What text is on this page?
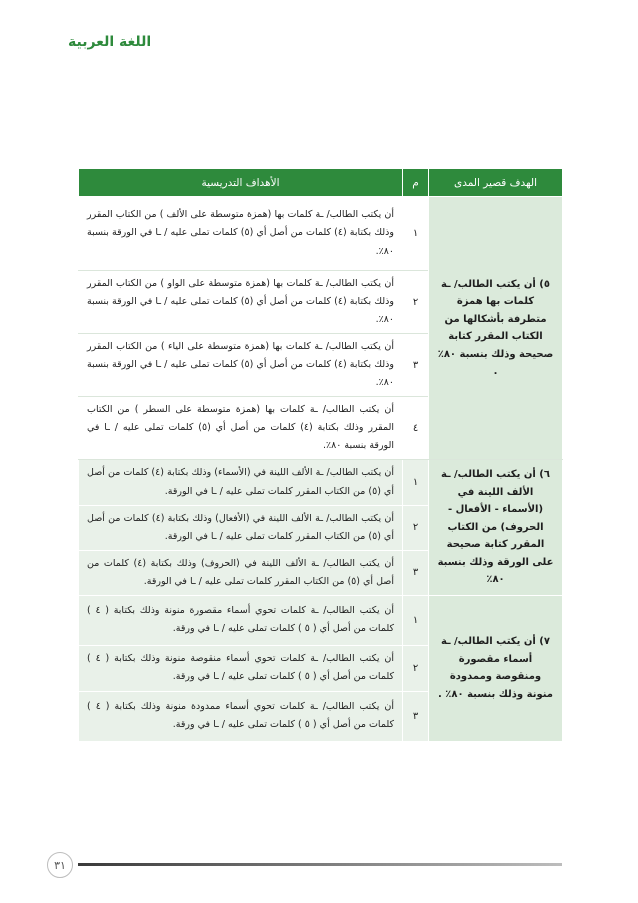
اللغة العربية
الهدف قصير المدى	م	الأهداف التدريسية
٥) أن يكتب الطالب/ ـة كلمات بها همزة متطرفة بأشكالها من الكتاب المقرر كتابة صحيحة وذلك بنسبة ٨٠٪ .	١	أن يكتب الطالب/ ـة كلمات بها (همزة متوسطة على الألف ) من الكتاب المقرر وذلك بكتابة (٤) كلمات من أصل أي (٥) كلمات تملى عليه / ـا في الورقة بنسبة ٨٠٪.
	٢	أن يكتب الطالب/ ـة كلمات بها (همزة متوسطة على الواو ) من الكتاب المقرر وذلك بكتابة (٤) كلمات من أصل أي (٥) كلمات تملى عليه / ـا في الورقة بنسبة ٨٠٪.
	٣	أن يكتب الطالب/ ـة كلمات بها (همزة متوسطة على الياء ) من الكتاب المقرر وذلك بكتابة (٤) كلمات من أصل أي (٥) كلمات تملى عليه / ـا في الورقة بنسبة ٨٠٪.
	٤	أن يكتب الطالب/ ـة كلمات بها (همزة متوسطة على السطر ) من الكتاب المقرر وذلك بكتابة (٤) كلمات من أصل أي (٥) كلمات تملى عليه / ـا في الورقة بنسبة ٨٠٪.
٦) أن يكتب الطالب/ ـة الألف اللينة في (الأسماء - الأفعال - الحروف) من الكتاب المقرر كتابة صحيحة على الورقة وذلك بنسبة ٨٠٪	١	أن يكتب الطالب/ ـة الألف اللينة في (الأسماء) وذلك بكتابة (٤) كلمات من أصل أي (٥) من الكتاب المقرر كلمات تملى عليه / ـا في الورقة.
	٢	أن يكتب الطالب/ ـة الألف اللينة في (الأفعال) وذلك بكتابة (٤) كلمات من أصل أي (٥) من الكتاب المقرر كلمات تملى عليه / ـا في الورقة.
	٣	أن يكتب الطالب/ ـة الألف اللينة في (الحروف) وذلك بكتابة (٤) كلمات من أصل أي (٥) من الكتاب المقرر كلمات تملى عليه / ـا في الورقة.
٧) أن يكتب الطالب/ ـة أسماء مقصورة ومنقوصة وممدودة منونة وذلك بنسبة ٨٠٪ .	١	أن يكتب الطالب/ ـة كلمات تحوي أسماء مقصورة منونة وذلك بكتابة ( ٤ ) كلمات من أصل أي ( ٥ ) كلمات تملى عليه / ـا في ورقة.
	٢	أن يكتب الطالب/ ـة كلمات تحوي أسماء منقوصة منونة وذلك بكتابة ( ٤ ) كلمات من أصل أي ( ٥ ) كلمات تملى عليه / ـا في ورقة.
	٣	أن يكتب الطالب/ ـة كلمات تحوي أسماء ممدودة منونة وذلك بكتابة ( ٤ ) كلمات من أصل أي ( ٥ ) كلمات تملى عليه / ـا في ورقة.
٣١
